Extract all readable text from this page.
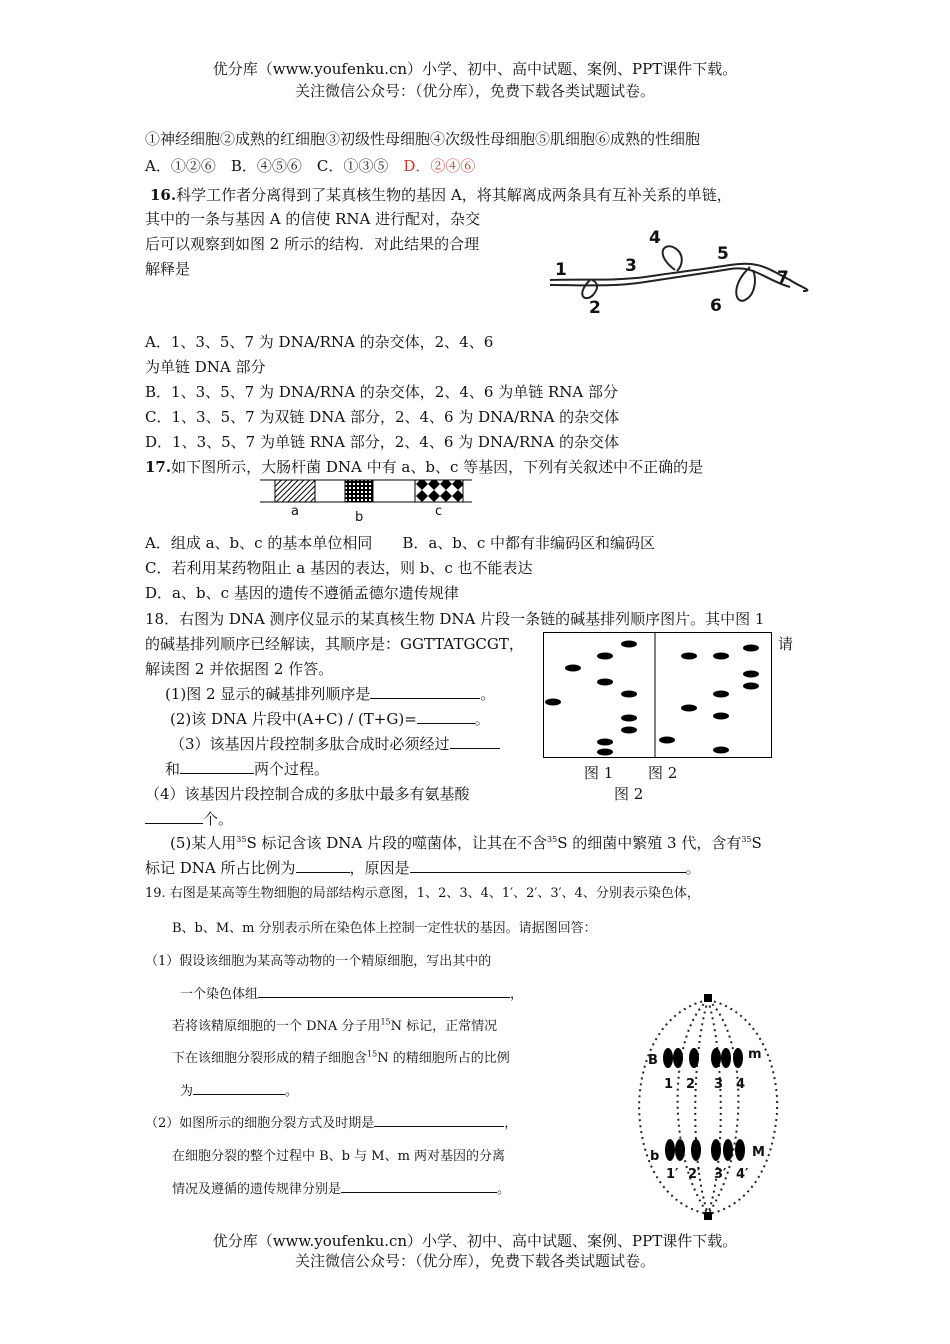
优分库（www.youfenku.cn）小学、初中、高中试题、案例、PPT课件下载。
关注微信公众号：（优分库），免费下载各类试题试卷。
①神经细胞②成熟的红细胞③初级性母细胞④次级性母细胞⑤肌细胞⑥成熟的性细胞
A．①②⑥　B．④⑤⑥　C．①③⑤　D．②④⑥
16.科学工作者分离得到了某真核生物的基因 A，将其解离成两条具有互补关系的单链，
其中的一条与基因 A 的信使 RNA 进行配对，杂交
后可以观察到如图 2 所示的结构．对此结果的合理
解释是	1
2
3
4
5
6
7
A．1、3、5、7 为 DNA/RNA 的杂交体，2、4、6
为单链 DNA 部分
B．1、3、5、7 为 DNA/RNA 的杂交体，2、4、6 为单链 RNA 部分
C．1、3、5、7 为双链 DNA 部分，2、4、6 为 DNA/RNA 的杂交体
D．1、3、5、7 为单链 RNA 部分，2、4、6 为 DNA/RNA 的杂交体
17.如下图所示，大肠杆菌 DNA 中有 a、b、c 等基因，下列有关叙述中不正确的是
a	b	c
A．组成 a、b、c 的基本单位相同　　B．a、b、c 中都有非编码区和编码区
C．若利用某药物阻止 a 基因的表达，则 b、c 也不能表达
D．a、b、c 基因的遗传不遵循孟德尔遗传规律
18．右图为 DNA 测序仪显示的某真核生物 DNA 片段一条链的碱基排列顺序图片。其中图 1
的碱基排列顺序已经解读，其顺序是：GGTTATGCGT，	请
解读图 2 并依据图 2 作答。
图 1 图 2
图 2
(1)图 2 显示的碱基排列顺序是	。
(2)该 DNA 片段中(A+C) / (T+G)=	。
（3）该基因片段控制多肽合成时必须经过
和	两个过程。
（4）该基因片段控制合成的多肽中最多有氨基酸
个。
(5)某人用$^{35}$S 标记含该 DNA 片段的噬菌体，让其在不含$^{35}$S 的细菌中繁殖 3 代，含有$^{35}$S
标记 DNA 所占比例为	，原因是	。
19. 右图是某高等生物细胞的局部结构示意图，1、2、3、4、1′、2′、3′、4、分别表示染色体，
B、b、M、m 分别表示所在染色体上控制一定性状的基因。请据图回答：
（1）假设该细胞为某高等动物的一个精原细胞，写出其中的
一个染色体组	，
若将该精原细胞的一个 DNA 分子用$^{15}$N 标记，正常情况
下在该细胞分裂形成的精子细胞含$^{15}$N 的精细胞所占的比例
为	。
（2）如图所示的细胞分裂方式及时期是	，
在细胞分裂的整个过程中 B、b 与 M、m 两对基因的分离
情况及遵循的遗传规律分别是	。
B
1 2 3 4
m
b
1′ 2′ 3′ 4′
M
优分库（www.youfenku.cn）小学、初中、高中试题、案例、PPT课件下载。
关注微信公众号：（优分库），免费下载各类试题试卷。
